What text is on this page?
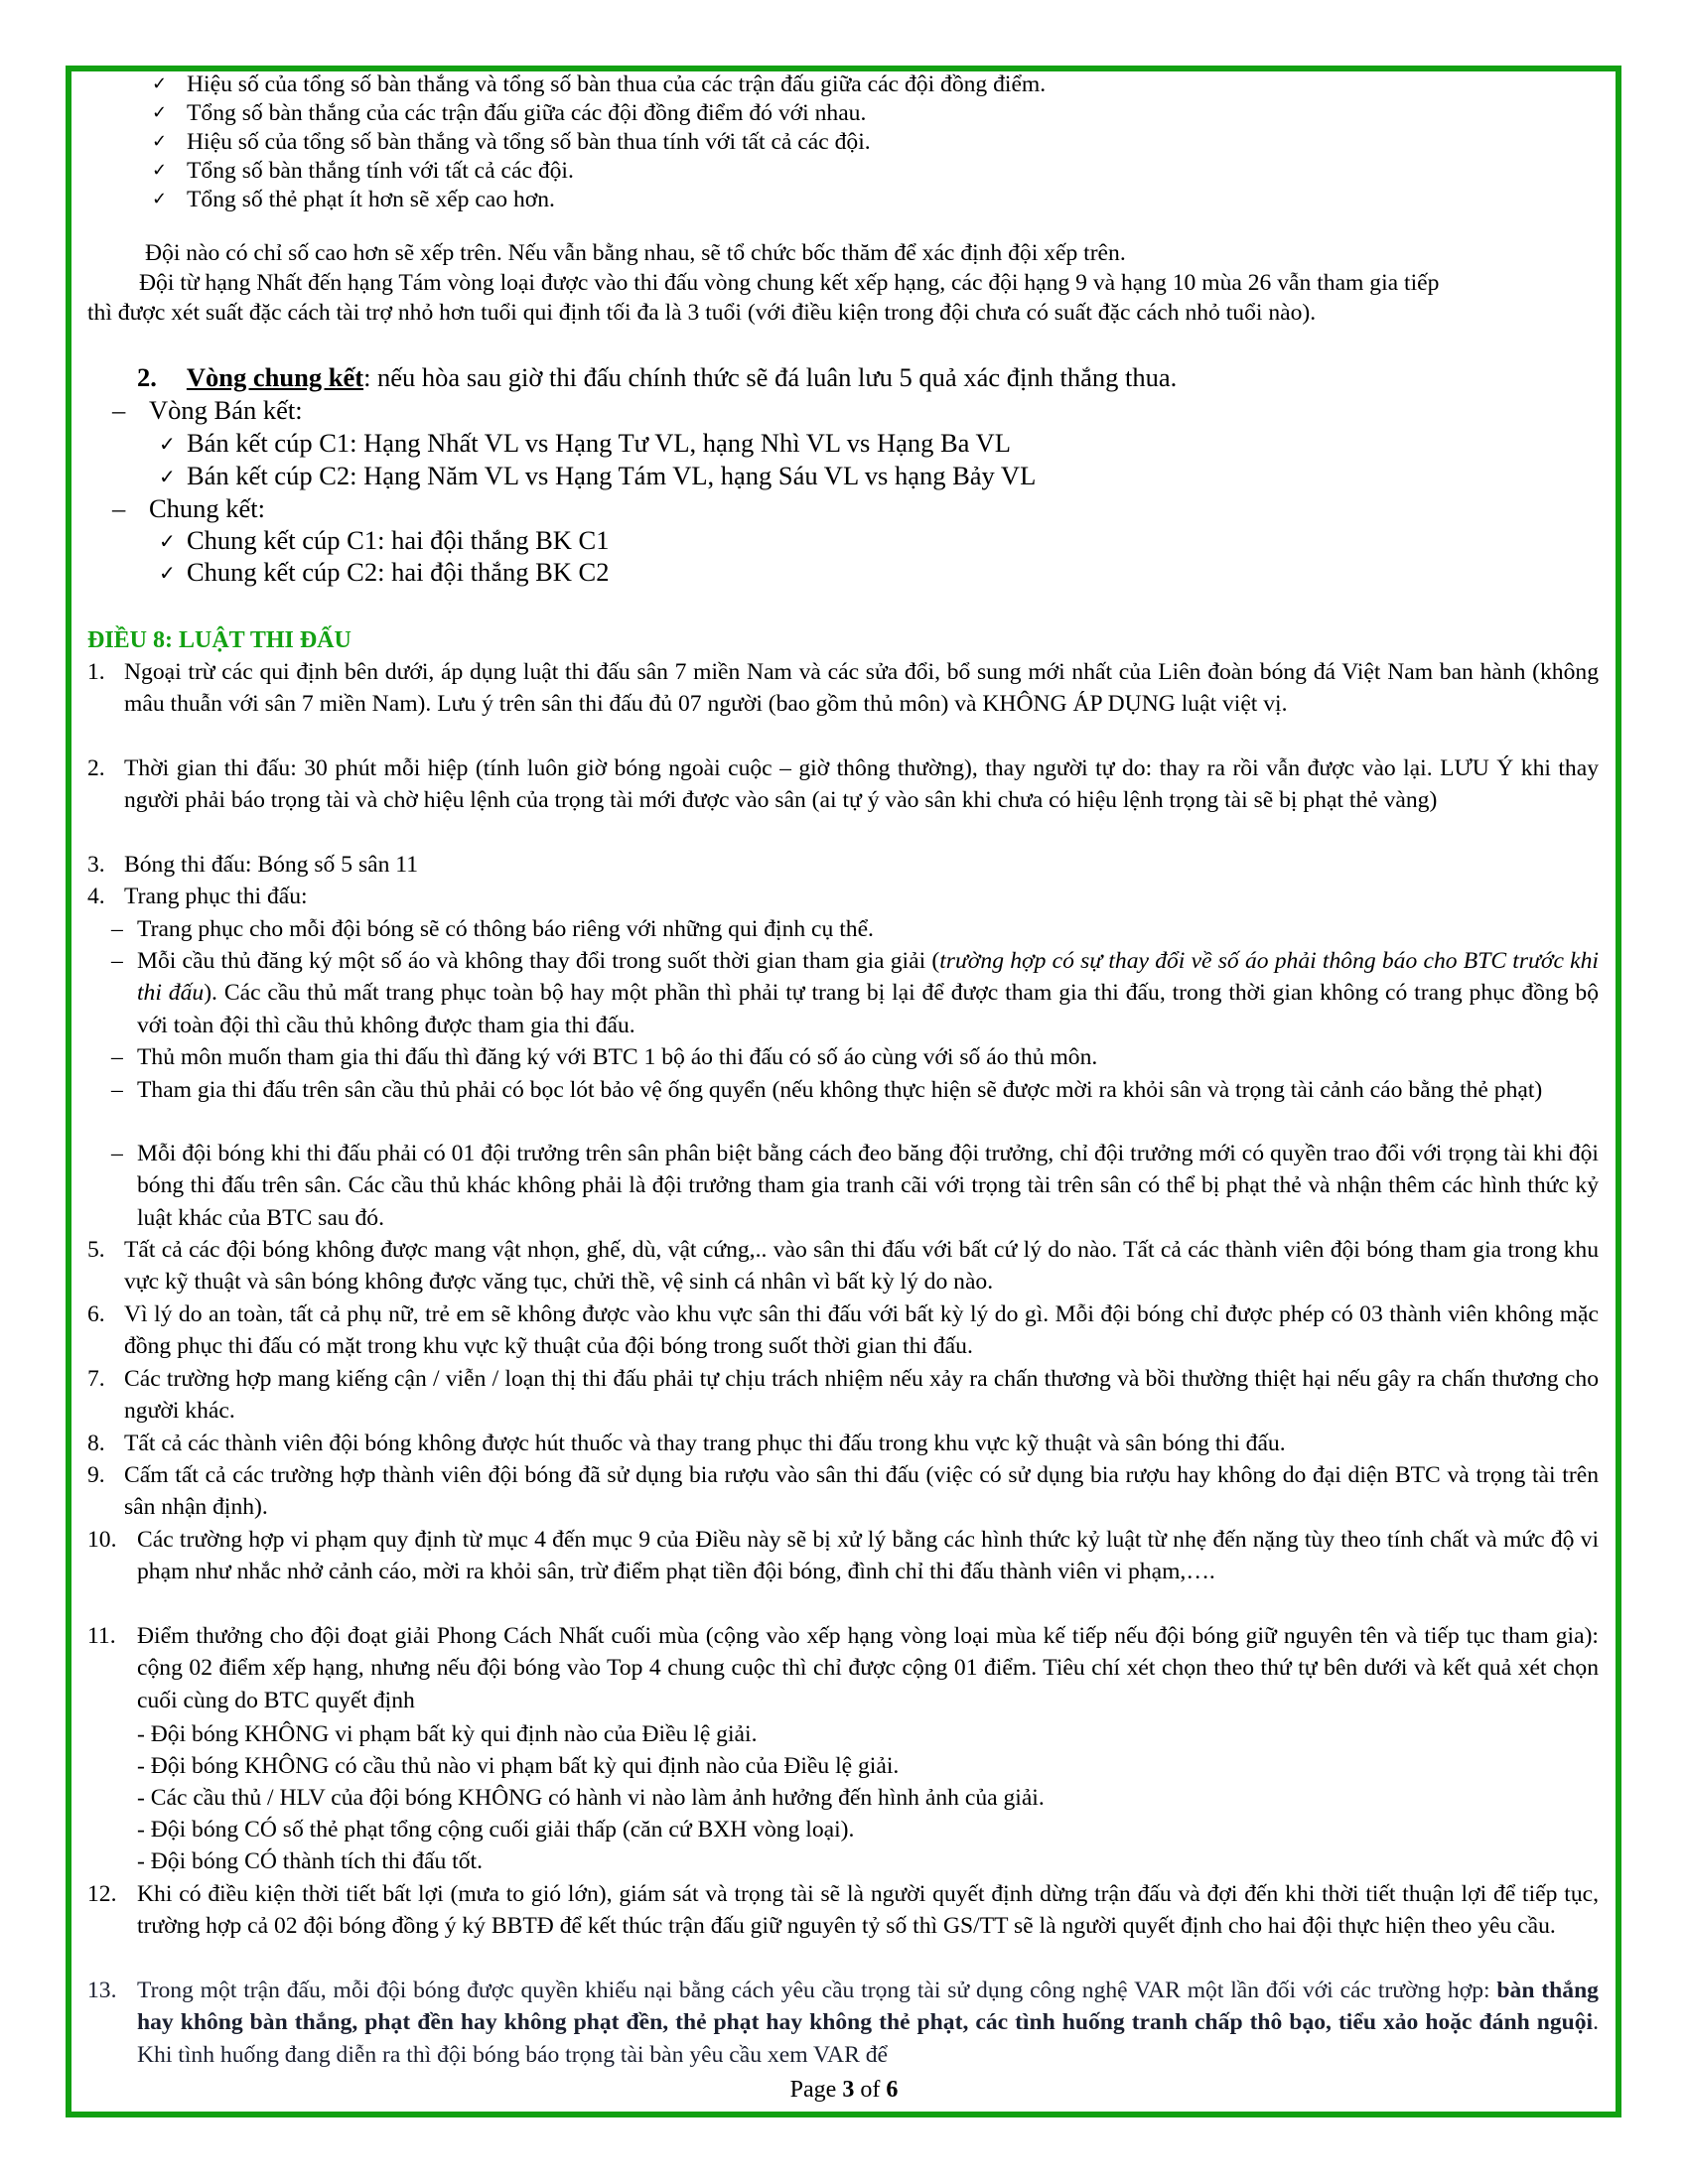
✓ Hiệu số của tổng số bàn thắng và tổng số bàn thua của các trận đấu giữa các đội đồng điểm.
✓ Tổng số bàn thắng của các trận đấu giữa các đội đồng điểm đó với nhau.
✓ Hiệu số của tổng số bàn thắng và tổng số bàn thua tính với tất cả các đội.
✓ Tổng số bàn thắng tính với tất cả các đội.
✓ Tổng số thẻ phạt ít hơn sẽ xếp cao hơn.
Đội nào có chỉ số cao hơn sẽ xếp trên. Nếu vẫn bằng nhau, sẽ tổ chức bốc thăm để xác định đội xếp trên.
Đội từ hạng Nhất đến hạng Tám vòng loại được vào thi đấu vòng chung kết xếp hạng, các đội hạng 9 và hạng 10 mùa 26 vẫn tham gia tiếp
thì được xét suất đặc cách tài trợ nhỏ hơn tuổi qui định tối đa là 3 tuổi (với điều kiện trong đội chưa có suất đặc cách nhỏ tuổi nào).
2. Vòng chung kết: nếu hòa sau giờ thi đấu chính thức sẽ đá luân lưu 5 quả xác định thắng thua.
– Vòng Bán kết:
✓ Bán kết cúp C1: Hạng Nhất VL vs Hạng Tư VL, hạng Nhì VL vs Hạng Ba VL
✓ Bán kết cúp C2: Hạng Năm VL vs Hạng Tám VL, hạng Sáu VL vs hạng Bảy VL
– Chung kết:
✓ Chung kết cúp C1: hai đội thắng BK C1
✓ Chung kết cúp C2: hai đội thắng BK C2
ĐIỀU 8: LUẬT THI ĐẤU
1. Ngoại trừ các qui định bên dưới, áp dụng luật thi đấu sân 7 miền Nam và các sửa đổi, bổ sung mới nhất của Liên đoàn bóng đá Việt Nam ban hành (không mâu thuẫn với sân 7 miền Nam). Lưu ý trên sân thi đấu đủ 07 người (bao gồm thủ môn) và KHÔNG ÁP DỤNG luật việt vị.
2. Thời gian thi đấu: 30 phút mỗi hiệp (tính luôn giờ bóng ngoài cuộc – giờ thông thường), thay người tự do: thay ra rồi vẫn được vào lại. LƯU Ý khi thay người phải báo trọng tài và chờ hiệu lệnh của trọng tài mới được vào sân (ai tự ý vào sân khi chưa có hiệu lệnh trọng tài sẽ bị phạt thẻ vàng)
3. Bóng thi đấu: Bóng số 5 sân 11
4. Trang phục thi đấu:
– Trang phục cho mỗi đội bóng sẽ có thông báo riêng với những qui định cụ thể.
– Mỗi cầu thủ đăng ký một số áo và không thay đổi trong suốt thời gian tham gia giải (trường hợp có sự thay đổi về số áo phải thông báo cho BTC trước khi thi đấu). Các cầu thủ mất trang phục toàn bộ hay một phần thì phải tự trang bị lại để được tham gia thi đấu, trong thời gian không có trang phục đồng bộ với toàn đội thì cầu thủ không được tham gia thi đấu.
– Thủ môn muốn tham gia thi đấu thì đăng ký với BTC 1 bộ áo thi đấu có số áo cùng với số áo thủ môn.
– Tham gia thi đấu trên sân cầu thủ phải có bọc lót bảo vệ ống quyển (nếu không thực hiện sẽ được mời ra khỏi sân và trọng tài cảnh cáo bằng thẻ phạt)
– Mỗi đội bóng khi thi đấu phải có 01 đội trưởng trên sân phân biệt bằng cách đeo băng đội trưởng, chỉ đội trưởng mới có quyền trao đổi với trọng tài khi đội bóng thi đấu trên sân. Các cầu thủ khác không phải là đội trưởng tham gia tranh cãi với trọng tài trên sân có thể bị phạt thẻ và nhận thêm các hình thức kỷ luật khác của BTC sau đó.
5. Tất cả các đội bóng không được mang vật nhọn, ghế, dù, vật cứng,.. vào sân thi đấu với bất cứ lý do nào. Tất cả các thành viên đội bóng tham gia trong khu vực kỹ thuật và sân bóng không được văng tục, chửi thề, vệ sinh cá nhân vì bất kỳ lý do nào.
6. Vì lý do an toàn, tất cả phụ nữ, trẻ em sẽ không được vào khu vực sân thi đấu với bất kỳ lý do gì. Mỗi đội bóng chỉ được phép có 03 thành viên không mặc đồng phục thi đấu có mặt trong khu vực kỹ thuật của đội bóng trong suốt thời gian thi đấu.
7. Các trường hợp mang kiếng cận / viễn / loạn thị thi đấu phải tự chịu trách nhiệm nếu xảy ra chấn thương và bồi thường thiệt hại nếu gây ra chấn thương cho người khác.
8. Tất cả các thành viên đội bóng không được hút thuốc và thay trang phục thi đấu trong khu vực kỹ thuật và sân bóng thi đấu.
9. Cấm tất cả các trường hợp thành viên đội bóng đã sử dụng bia rượu vào sân thi đấu (việc có sử dụng bia rượu hay không do đại diện BTC và trọng tài trên sân nhận định).
10. Các trường hợp vi phạm quy định từ mục 4 đến mục 9 của Điều này sẽ bị xử lý bằng các hình thức kỷ luật từ nhẹ đến nặng tùy theo tính chất và mức độ vi phạm như nhắc nhở cảnh cáo, mời ra khỏi sân, trừ điểm phạt tiền đội bóng, đình chỉ thi đấu thành viên vi phạm,….
11. Điểm thưởng cho đội đoạt giải Phong Cách Nhất cuối mùa (cộng vào xếp hạng vòng loại mùa kế tiếp nếu đội bóng giữ nguyên tên và tiếp tục tham gia): cộng 02 điểm xếp hạng, nhưng nếu đội bóng vào Top 4 chung cuộc thì chỉ được cộng 01 điểm. Tiêu chí xét chọn theo thứ tự bên dưới và kết quả xét chọn cuối cùng do BTC quyết định
- Đội bóng KHÔNG vi phạm bất kỳ qui định nào của Điều lệ giải.
- Đội bóng KHÔNG có cầu thủ nào vi phạm bất kỳ qui định nào của Điều lệ giải.
- Các cầu thủ / HLV của đội bóng KHÔNG có hành vi nào làm ảnh hưởng đến hình ảnh của giải.
- Đội bóng CÓ số thẻ phạt tổng cộng cuối giải thấp (căn cứ BXH vòng loại).
- Đội bóng CÓ thành tích thi đấu tốt.
12. Khi có điều kiện thời tiết bất lợi (mưa to gió lớn), giám sát và trọng tài sẽ là người quyết định dừng trận đấu và đợi đến khi thời tiết thuận lợi để tiếp tục, trường hợp cả 02 đội bóng đồng ý ký BBTĐ để kết thúc trận đấu giữ nguyên tỷ số thì GS/TT sẽ là người quyết định cho hai đội thực hiện theo yêu cầu.
13. Trong một trận đấu, mỗi đội bóng được quyền khiếu nại bằng cách yêu cầu trọng tài sử dụng công nghệ VAR một lần đối với các trường hợp: bàn thắng hay không bàn thắng, phạt đền hay không phạt đền, thẻ phạt hay không thẻ phạt, các tình huống tranh chấp thô bạo, tiểu xảo hoặc đánh nguội. Khi tình huống đang diễn ra thì đội bóng báo trọng tài bàn yêu cầu xem VAR để
Page 3 of 6
